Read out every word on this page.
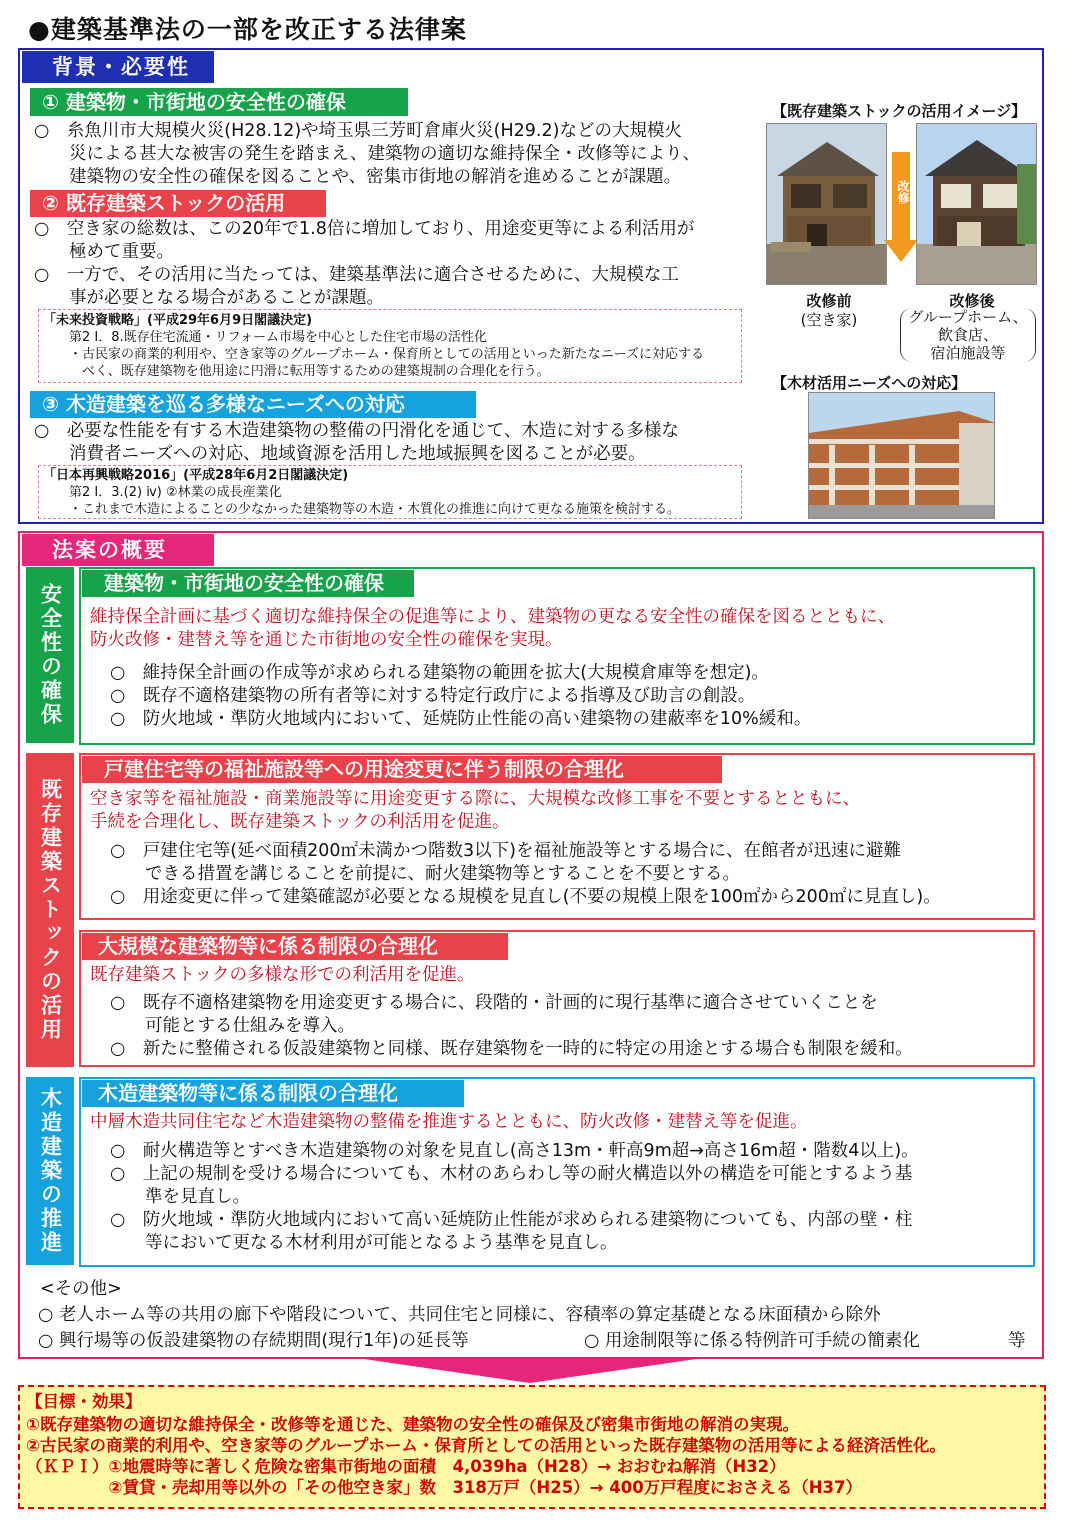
●建築基準法の一部を改正する法律案
背景・必要性
① 建築物・市街地の安全性の確保
○　糸魚川市大規模火災(H28.12)や埼玉県三芳町倉庫火災(H29.2)などの大規模火
　　災による甚大な被害の発生を踏まえ、建築物の適切な維持保全・改修等により、
　　建築物の安全性の確保を図ることや、密集市街地の解消を進めることが課題。
② 既存建築ストックの活用
○　空き家の総数は、この20年で1.8倍に増加しており、用途変更等による利活用が
　　極めて重要。
○　一方で、その活用に当たっては、建築基準法に適合させるために、大規模な工
　　事が必要となる場合があることが課題。
「未来投資戦略」(平成29年6月9日閣議決定)
　　第2 Ⅰ．8.既存住宅流通・リフォーム市場を中心とした住宅市場の活性化
　　・古民家の商業的利用や、空き家等のグループホーム・保育所としての活用といった新たなニーズに対応する
　　　べく、既存建築物を他用途に円滑に転用等するための建築規制の合理化を行う。
③ 木造建築を巡る多様なニーズへの対応
○　必要な性能を有する木造建築物の整備の円滑化を通じて、木造に対する多様な
　　消費者ニーズへの対応、地域資源を活用した地域振興を図ることが必要。
「日本再興戦略2016」(平成28年6月2日閣議決定)
　　第2 Ⅰ．3.(2) ⅳ) ②林業の成長産業化
　　・これまで木造によることの少なかった建築物等の木造・木質化の推進に向けて更なる施策を検討する。
【既存建築ストックの活用イメージ】
改修
改修前
(空き家)
改修後
グループホーム、
飲食店、
宿泊施設等
【木材活用ニーズへの対応】
法案の概要
安全性の確保	建築物・市街地の安全性の確保
維持保全計画に基づく適切な維持保全の促進等により、建築物の更なる安全性の確保を図るとともに、
防火改修・建替え等を通じた市街地の安全性の確保を実現。
○　維持保全計画の作成等が求められる建築物の範囲を拡大(大規模倉庫等を想定)。
○　既存不適格建築物の所有者等に対する特定行政庁による指導及び助言の創設。
○　防火地域・準防火地域内において、延焼防止性能の高い建築物の建蔽率を10%緩和。
既存建築ストックの活用
戸建住宅等の福祉施設等への用途変更に伴う制限の合理化
空き家等を福祉施設・商業施設等に用途変更する際に、大規模な改修工事を不要とするとともに、
手続を合理化し、既存建築ストックの利活用を促進。
○　戸建住宅等(延べ面積200㎡未満かつ階数3以下)を福祉施設等とする場合に、在館者が迅速に避難
　　できる措置を講じることを前提に、耐火建築物等とすることを不要とする。
○　用途変更に伴って建築確認が必要となる規模を見直し(不要の規模上限を100㎡から200㎡に見直し)。
大規模な建築物等に係る制限の合理化
既存建築ストックの多様な形での利活用を促進。
○　既存不適格建築物を用途変更する場合に、段階的・計画的に現行基準に適合させていくことを
　　可能とする仕組みを導入。
○　新たに整備される仮設建築物と同様、既存建築物を一時的に特定の用途とする場合も制限を緩和。
木造建築の推進	木造建築物等に係る制限の合理化
中層木造共同住宅など木造建築物の整備を推進するとともに、防火改修・建替え等を促進。
○　耐火構造等とすべき木造建築物の対象を見直し(高さ13m・軒高9m超→高さ16m超・階数4以上)。
○　上記の規制を受ける場合についても、木材のあらわし等の耐火構造以外の構造を可能とするよう基
　　準を見直し。
○　防火地域・準防火地域内において高い延焼防止性能が求められる建築物についても、内部の壁・柱
　　等において更なる木材利用が可能となるよう基準を見直し。
<その他>
○ 老人ホーム等の共用の廊下や階段について、共同住宅と同様に、容積率の算定基礎となる床面積から除外
○ 興行場等の仮設建築物の存続期間(現行1年)の延長等	○ 用途制限等に係る特例許可手続の簡素化	等
【目標・効果】
①既存建築物の適切な維持保全・改修等を通じた、建築物の安全性の確保及び密集市街地の解消の実現。
②古民家の商業的利用や、空き家等のグループホーム・保育所としての活用といった既存建築物の活用等による経済活性化。
（ＫＰＩ）①地震時等に著しく危険な密集市街地の面積　4,039ha（H28）→ おおむね解消（H32）
　　　　　②賃貸・売却用等以外の「その他空き家」数　318万戸（H25）→ 400万戸程度におさえる（H37）
